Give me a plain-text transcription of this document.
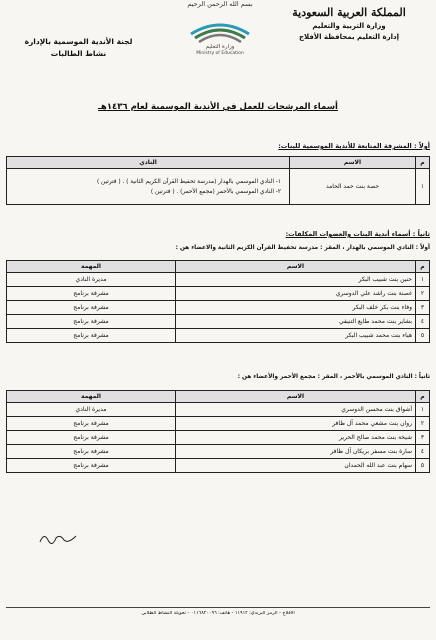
بسم الله الرحمن الرحيم
المملكة العربية السعودية
وزارة التربية والتعليم
إدارة التعليم بمحافظة الأفلاج
وزارة التعليم
Ministry of Education
لجنة الأندية الموسمية بالإدارة
نشاط الطالبات
أسماء المرشحات للعمل في الأندية الموسمية لعام ١٤٣٦هـ
أولاً : المشرفة المتابعة للأندية الموسمية للبنات:
م	الاسم	النادي
١	حصة بنت حمد الحامد	١- النادي الموسمي بالهدار (مدرسة تحفيظ القرآن الكريم الثانية ) . ( فترتين )
٢- النادي الموسمي بالأحمر (مجمع الأحمر) . ( فترتين )
ثانياً : أسماء أندية البنات والعضوات المكلفات:
أولاً : النادي الموسمي بالهدار ، المقر : مدرسة تحفيظ القرآن الكريم الثانية والاعضاء هن :
م	الاسم	المهمة
١	حنين بنت شبيب البكر	مديرة النادي
٢	غصنة بنت راشد علي الدوسري	مشرفة برنامج
٣	وفاء بنت بكر خلف البكر	مشرفة برنامج
٤	بشاير بنت محمد طايع التنيفي	مشرفة برنامج
٥	هياء بنت محمد شبيب البكر	مشرفة برنامج
ثانياً : النادي الموسمي بالأحمر ، المقر : مجمع الأحمر والأعضاء هن :
م	الاسم	المهمة
١	أشواق بنت محسن الدوسري	مديرة النادي
٢	روان بنت مشعي محمد آل ظافر	مشرفة برنامج
٣	شيخة بنت محمد صالح الحرير	مشرفة برنامج
٤	سارة بنت مسفر بريكان آل ظافر	مشرفة برنامج
٥	سهام بنت عبد الله الحمدان	مشرفة برنامج
الأفلاج - الرمز البريدي: ١١٩١٢ - هاتف: ٠١١٦٨٢٠٠٩٦ - تحويلة النشاط الطلابي
